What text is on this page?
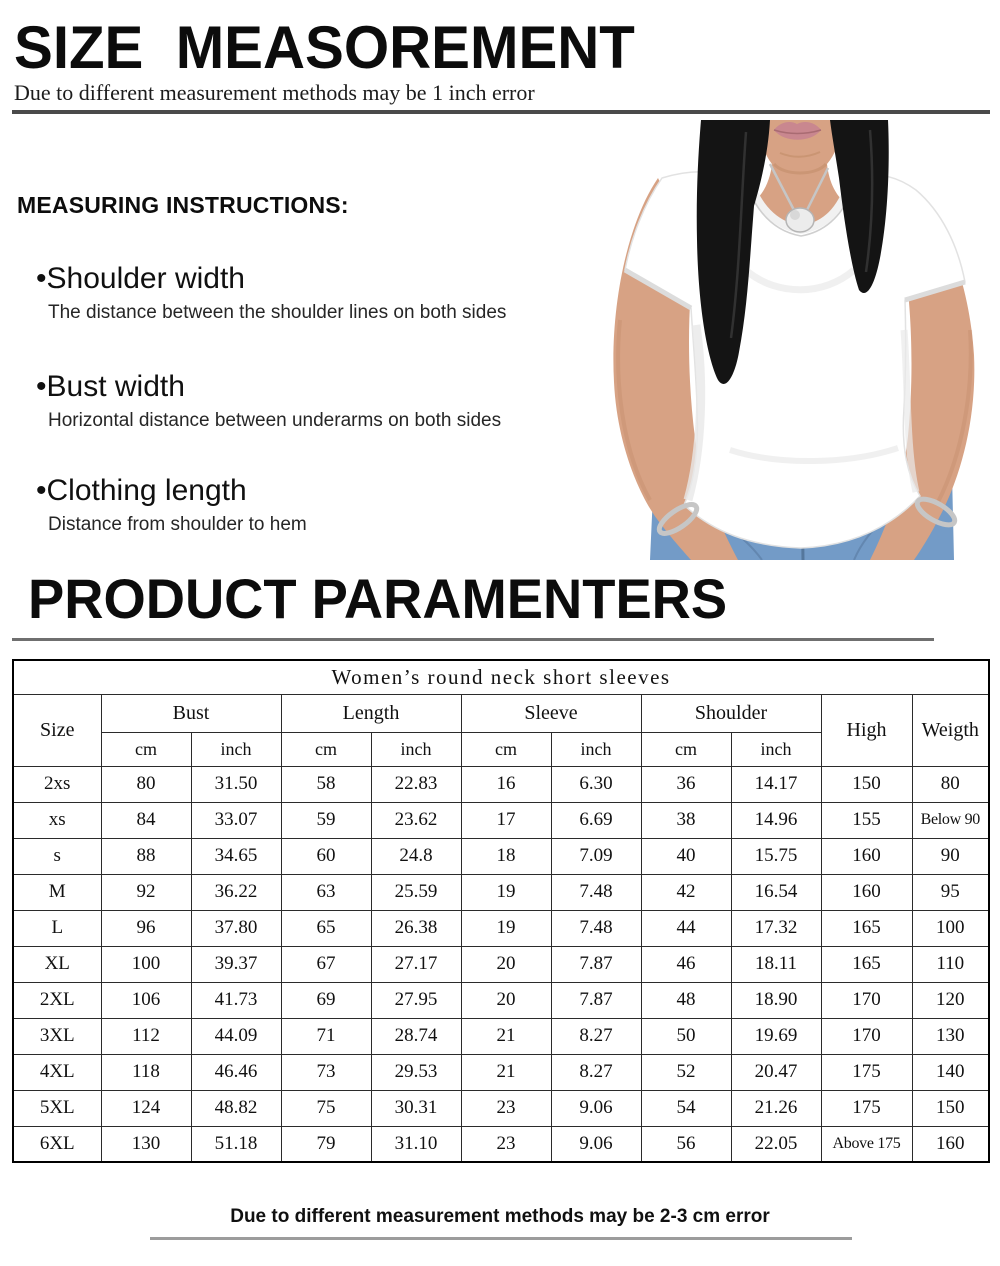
SIZE  MEASOREMENT
Due to different measurement methods may be 1 inch error
MEASURING INSTRUCTIONS:
•Shoulder width
The distance between the shoulder lines on both sides
•Bust width
Horizontal distance between underarms on both sides
•Clothing length
Distance from shoulder to hem
PRODUCT PARAMENTERS
Women’s round neck short sleeves										
Size	Bust		Length		Sleeve		Shoulder		High	Weigth
	cm	inch	cm	inch	cm	inch	cm	inch		
2xs	80	31.50	58	22.83	16	6.30	36	14.17	150	80
xs	84	33.07	59	23.62	17	6.69	38	14.96	155	Below 90
s	88	34.65	60	24.8	18	7.09	40	15.75	160	90
M	92	36.22	63	25.59	19	7.48	42	16.54	160	95
L	96	37.80	65	26.38	19	7.48	44	17.32	165	100
XL	100	39.37	67	27.17	20	7.87	46	18.11	165	110
2XL	106	41.73	69	27.95	20	7.87	48	18.90	170	120
3XL	112	44.09	71	28.74	21	8.27	50	19.69	170	130
4XL	118	46.46	73	29.53	21	8.27	52	20.47	175	140
5XL	124	48.82	75	30.31	23	9.06	54	21.26	175	150
6XL	130	51.18	79	31.10	23	9.06	56	22.05	Above 175	160
Due to different measurement methods may be 2-3 cm error
